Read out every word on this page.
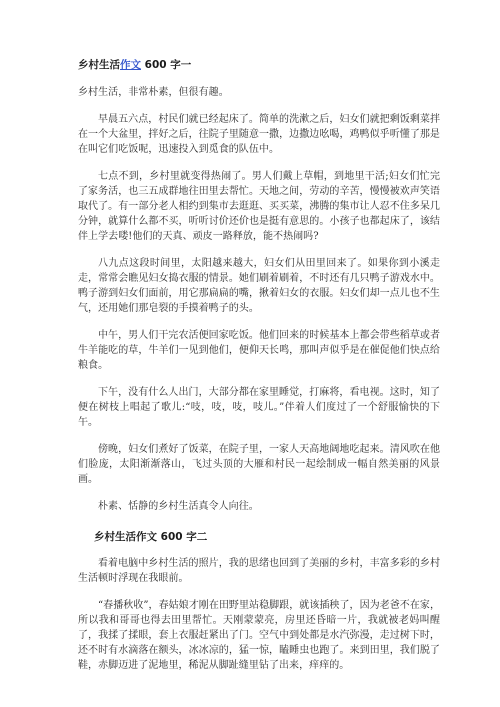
乡村生活作文 600 字一

乡村生活，非常朴素，但很有趣。

早晨五六点，村民们就已经起床了。简单的洗漱之后，妇女们就把剩饭剩菜拌在一个大盆里，拌好之后，往院子里随意一撒，边撒边吆喝，鸡鸭似乎听懂了那是在叫它们吃饭呢，迅速投入到觅食的队伍中。

七点不到，乡村里就变得热闹了。男人们戴上草帽，到地里干活;妇女们忙完了家务活，也三五成群地往田里去帮忙。天地之间，劳动的辛苦，慢慢被欢声笑语取代了。有一部分老人相约到集市去逛逛、买买菜，沸腾的集市让人忍不住多呆几分钟，就算什么都不买，听听讨价还价也是挺有意思的。小孩子也都起床了，该结伴上学去喽!他们的天真、顽皮一路释放，能不热闹吗?

八九点这段时间里，太阳越来越大，妇女们从田里回来了。如果你到小溪走走，常常会瞧见妇女捣衣服的情景。她们刷着刷着，不时还有几只鸭子游戏水中。鸭子游到妇女们面前，用它那扁扁的嘴，揪着妇女的衣服。妇女们却一点儿也不生气，还用她们那皂裂的手摸着鸭子的头。

中午，男人们干完农活便回家吃饭。他们回来的时候基本上都会带些稻草或者牛羊能吃的草，牛羊们一见到他们，便仰天长鸣，那叫声似乎是在催促他们快点给粮食。

下午，没有什么人出门，大部分都在家里睡觉，打麻将，看电视。这时，知了便在树枝上唱起了歌儿:“吱，吱，吱，吱儿。”伴着人们度过了一个舒服愉快的下午。

傍晚，妇女们煮好了饭菜，在院子里，一家人天高地阔地吃起来。清风吹在他们脸庞，太阳渐渐落山，飞过头顶的大雁和村民一起绘制成一幅自然美丽的风景画。

朴素、恬静的乡村生活真令人向往。

乡村生活作文 600 字二

看着电脑中乡村生活的照片，我的思绪也回到了美丽的乡村，丰富多彩的乡村生活顿时浮现在我眼前。

“春播秋收”，春姑娘才刚在田野里站稳脚跟，就该插秧了，因为老爸不在家，所以我和哥哥也得去田里帮忙。天刚蒙蒙亮，房里还昏暗一片，我就被老妈叫醒了，我揉了揉眼，套上衣服赶紧出了门。空气中到处都是水汽弥漫，走过树下时，还不时有水滴落在额头，冰冰凉的，猛一惊，瞌睡虫也跑了。来到田里，我们脱了鞋，赤脚迈进了泥地里，稀泥从脚趾缝里钻了出来，痒痒的。
